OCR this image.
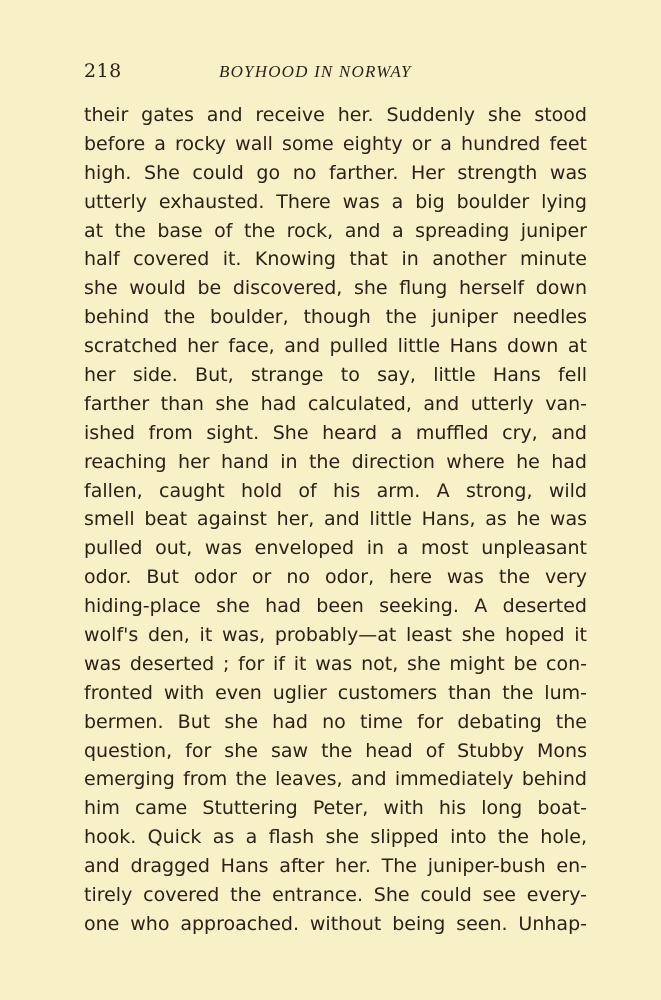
218	BOYHOOD IN NORWAY
their gates and receive her. Suddenly she stood
before a rocky wall some eighty or a hundred feet
high. She could go no farther. Her strength was
utterly exhausted. There was a big boulder lying
at the base of the rock, and a spreading juniper
half covered it. Knowing that in another minute
she would be discovered, she flung herself down
behind the boulder, though the juniper needles
scratched her face, and pulled little Hans down at
her side. But, strange to say, little Hans fell
farther than she had calculated, and utterly van-
ished from sight. She heard a muffled cry, and
reaching her hand in the direction where he had
fallen, caught hold of his arm. A strong, wild
smell beat against her, and little Hans, as he was
pulled out, was enveloped in a most unpleasant
odor. But odor or no odor, here was the very
hiding-place she had been seeking. A deserted
wolf's den, it was, probably—at least she hoped it
was deserted ; for if it was not, she might be con-
fronted with even uglier customers than the lum-
bermen. But she had no time for debating the
question, for she saw the head of Stubby Mons
emerging from the leaves, and immediately behind
him came Stuttering Peter, with his long boat-
hook. Quick as a flash she slipped into the hole,
and dragged Hans after her. The juniper-bush en-
tirely covered the entrance. She could see every-
one who approached. without being seen. Unhap-
